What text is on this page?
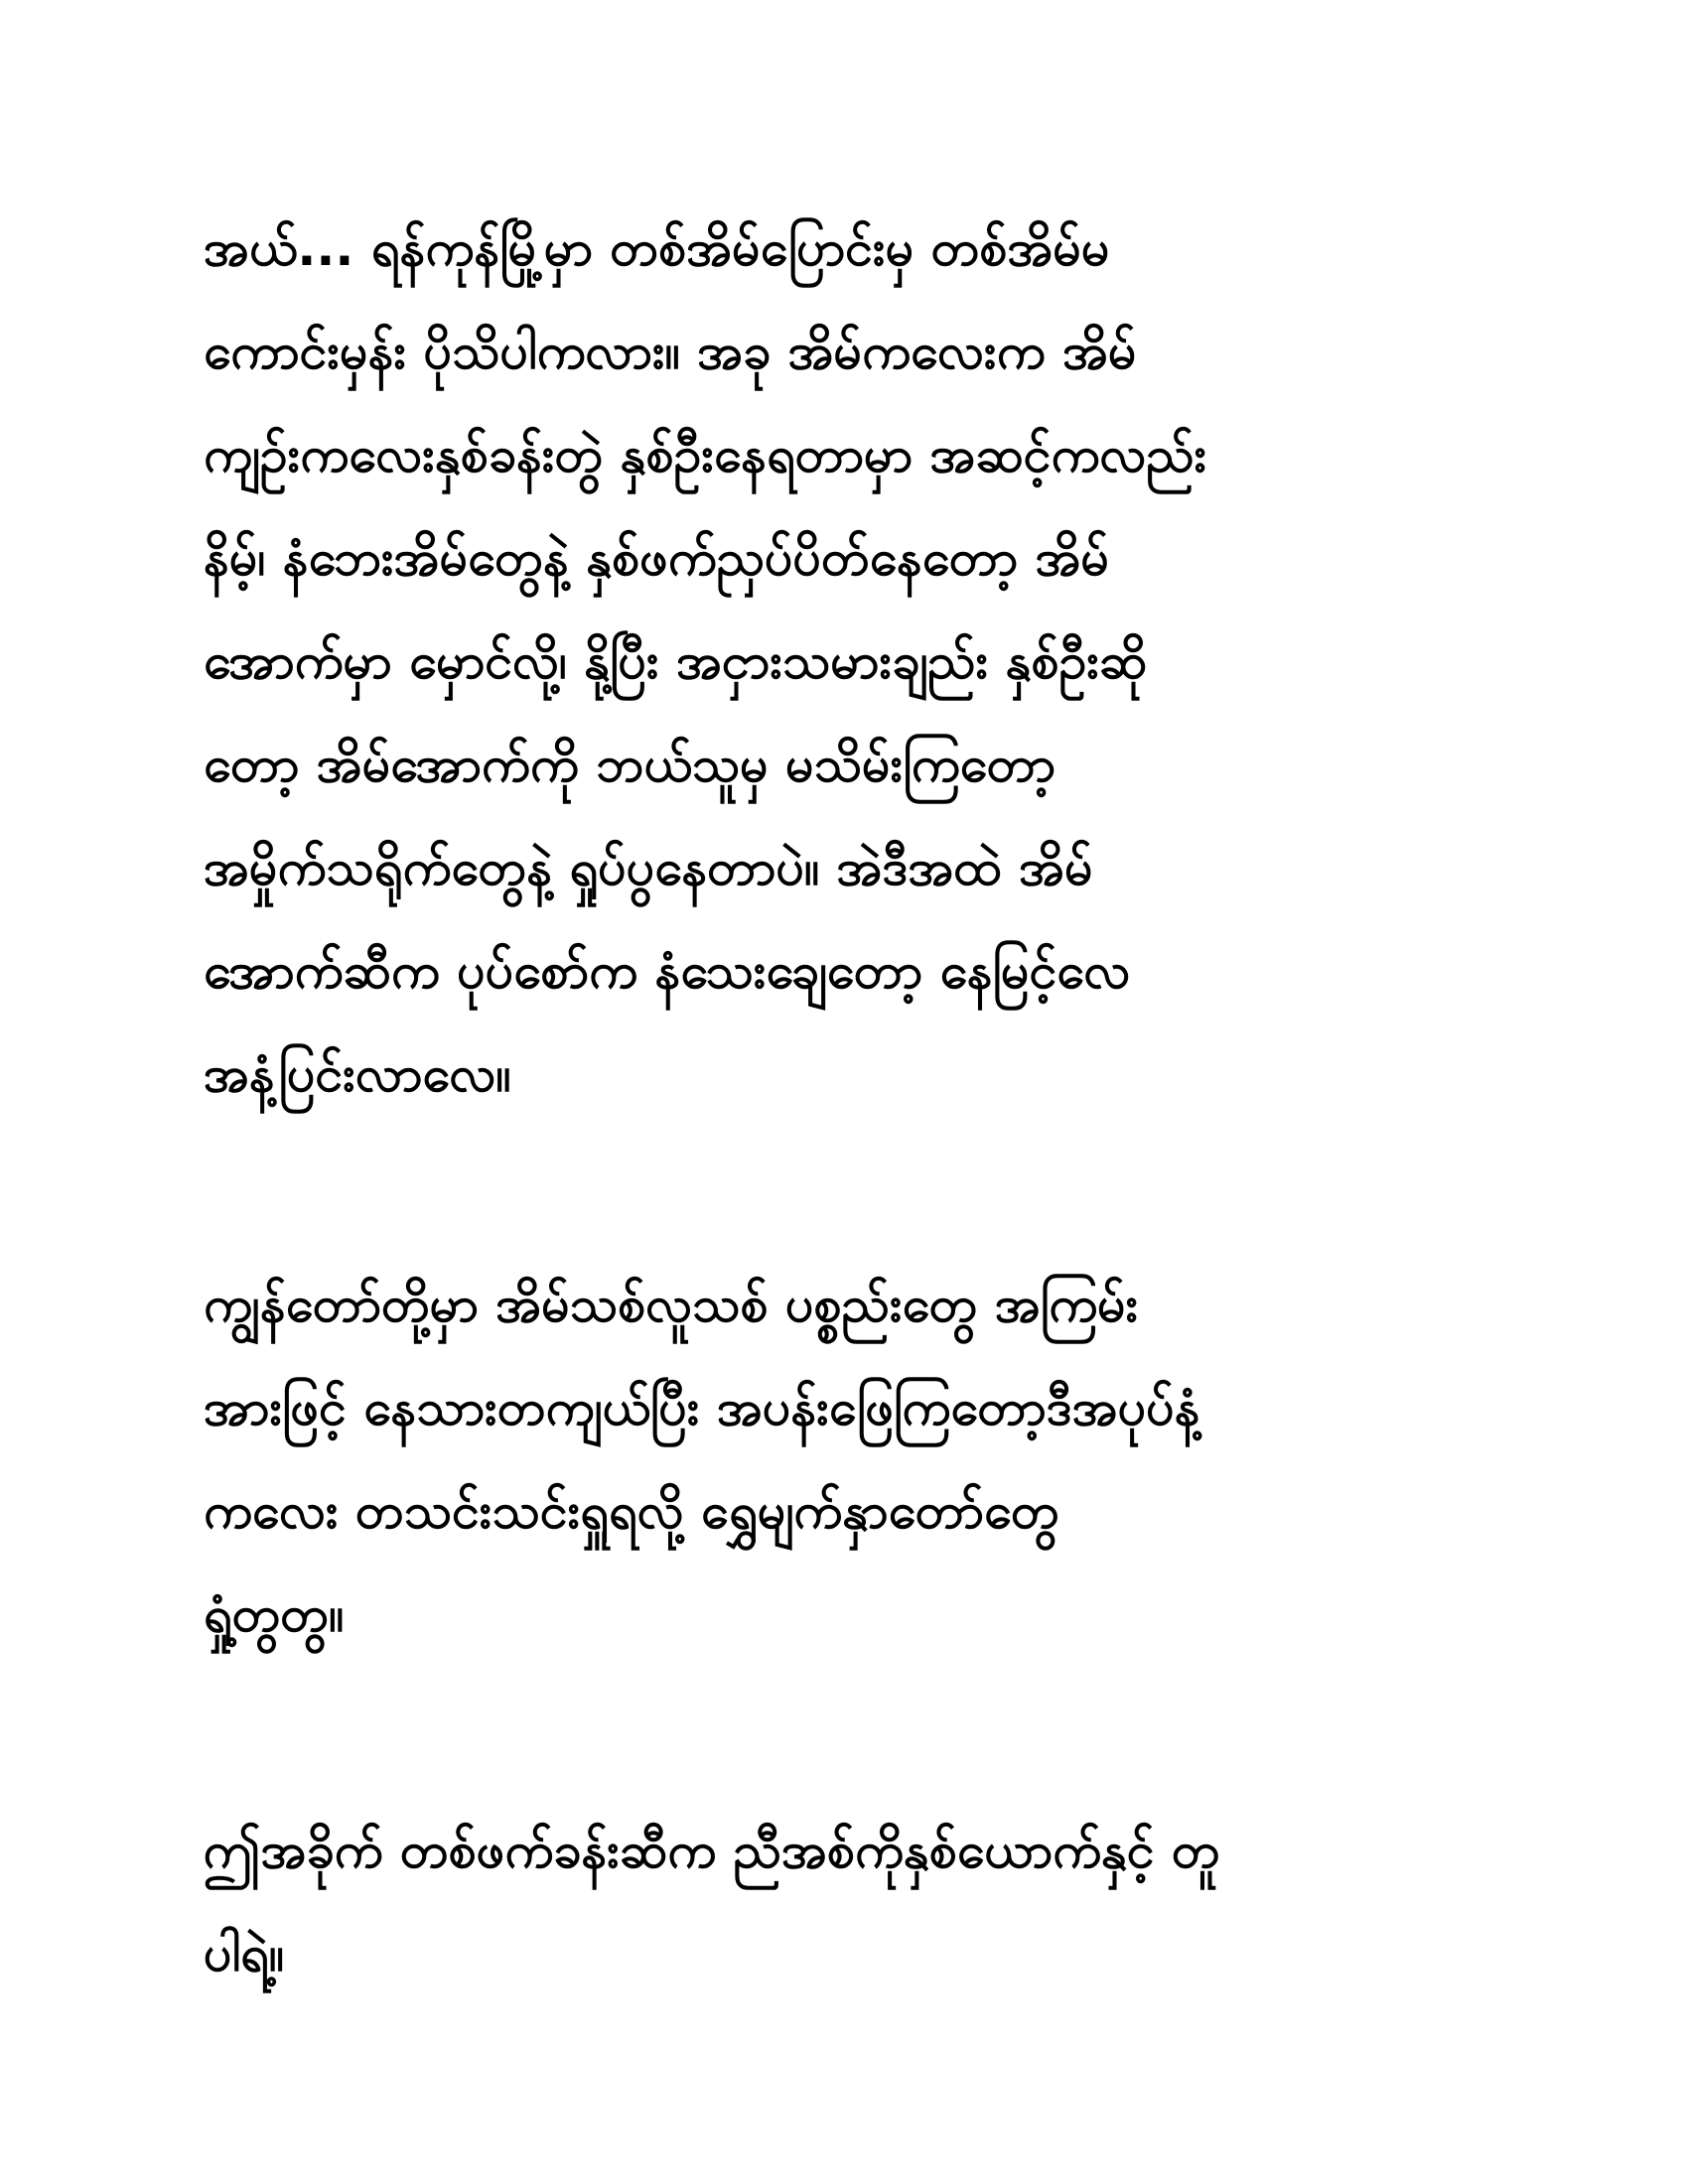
အယ်... ရန်ကုန်မြို့မှာ တစ်အိမ်ပြောင်းမှ တစ်အိမ်မ
ကောင်းမှန်း ပိုသိပါကလား။ အခု အိမ်ကလေးက အိမ်
ကျဉ်းကလေးနှစ်ခန်းတွဲ နှစ်ဦးနေရတာမှာ အဆင့်ကလည်း
နိမ့်၊ နံဘေးအိမ်တွေနဲ့ နှစ်ဖက်ညှပ်ပိတ်နေတော့ အိမ်
အောက်မှာ မှောင်လို့၊ နို့ပြီး အငှားသမားချည်း နှစ်ဦးဆို
တော့ အိမ်အောက်ကို ဘယ်သူမှ မသိမ်းကြတော့
အမှိုက်သရိုက်တွေနဲ့ ရှုပ်ပွနေတာပဲ။ အဲဒီအထဲ အိမ်
အောက်ဆီက ပုပ်စော်က နံသေးချေတော့ နေမြင့်လေ
အနံ့ပြင်းလာလေ။

ကျွန်တော်တို့မှာ အိမ်သစ်လူသစ် ပစ္စည်းတွေ အကြမ်း
အားဖြင့် နေသားတကျယ်ပြီး အပန်းဖြေကြတော့ဒီအပုပ်နံ့
ကလေး တသင်းသင်းရှူရလို့ ရွှေမျက်နှာတော်တွေ
ရှုံ့တွတွ။

ဤအခိုက် တစ်ဖက်ခန်းဆီက ညီအစ်ကိုနှစ်ယောက်နှင့် တူ
ပါရဲ့။
